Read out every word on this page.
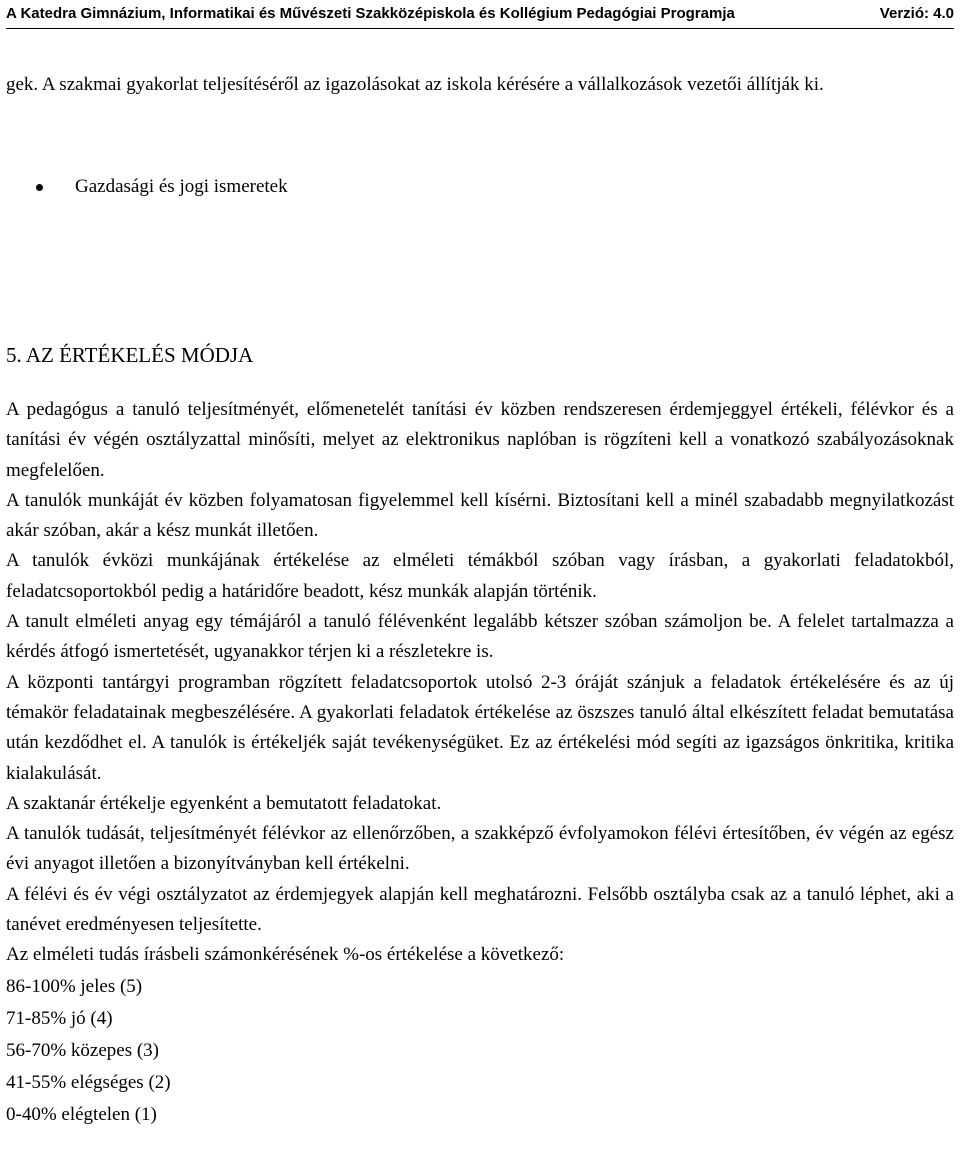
A Katedra Gimnázium, Informatikai és Művészeti Szakközépiskola és Kollégium Pedagógiai Programja	Verzió: 4.0

gek. A szakmai gyakorlat teljesítéséről az igazolásokat az iskola kérésére a vállalkozások vezetői állítják ki.

Gazdasági és jogi ismeretek
5. AZ ÉRTÉKELÉS MÓDJA

A pedagógus a tanuló teljesítményét, előmenetelét tanítási év közben rendszeresen érdemjeggyel értékeli, félévkor és a tanítási év végén osztályzattal minősíti, melyet az elektronikus naplóban is rögzíteni kell a vonatkozó szabályozásoknak megfelelően.

A tanulók munkáját év közben folyamatosan figyelemmel kell kísérni. Biztosítani kell a minél szabadabb megnyilatkozást akár szóban, akár a kész munkát illetően.

A tanulók évközi munkájának értékelése az elméleti témákból szóban vagy írásban, a gyakorlati feladatokból, feladatcsoportokból pedig a határidőre beadott, kész munkák alapján történik.

A tanult elméleti anyag egy témájáról a tanuló félévenként legalább kétszer szóban számoljon be. A felelet tartalmazza a kérdés átfogó ismertetését, ugyanakkor térjen ki a részletekre is.

A központi tantárgyi programban rögzített feladatcsoportok utolsó 2-3 óráját szánjuk a feladatok értékelésére és az új témakör feladatainak megbeszélésére. A gyakorlati feladatok értékelése az öszszes tanuló által elkészített feladat bemutatása után kezdődhet el. A tanulók is értékeljék saját tevékenységüket. Ez az értékelési mód segíti az igazságos önkritika, kritika kialakulását.

A szaktanár értékelje egyenként a bemutatott feladatokat.

A tanulók tudását, teljesítményét félévkor az ellenőrzőben, a szakképző évfolyamokon félévi értesítőben, év végén az egész évi anyagot illetően a bizonyítványban kell értékelni.

A félévi és év végi osztályzatot az érdemjegyek alapján kell meghatározni. Felsőbb osztályba csak az a tanuló léphet, aki a tanévet eredményesen teljesítette.

Az elméleti tudás írásbeli számonkérésének %-os értékelése a következő:

86-100% jeles (5)

71-85% jó (4)

56-70% közepes (3)

41-55% elégséges (2)

0-40% elégtelen (1)
